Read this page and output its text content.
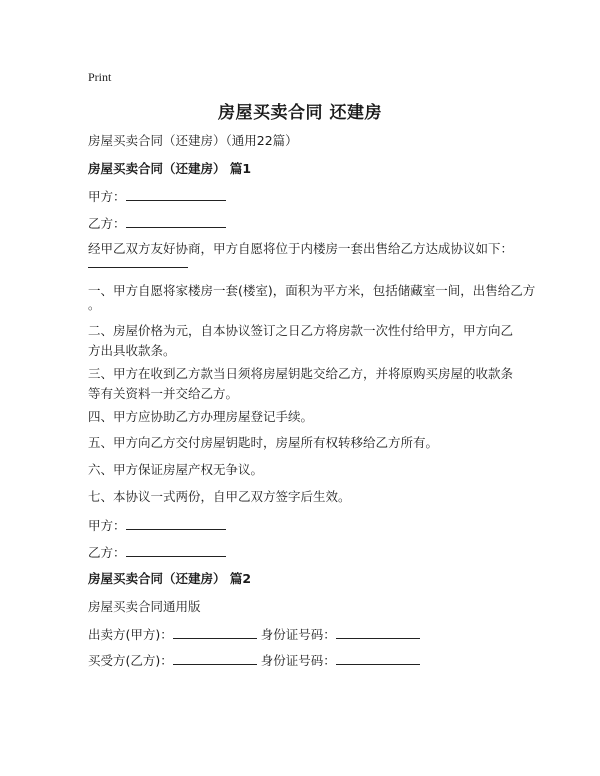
Print
房屋买卖合同 还建房
房屋买卖合同（还建房）（通用22篇）
房屋买卖合同（还建房） 篇1
甲方：
乙方：
经甲乙双方友好协商，甲方自愿将位于内楼房一套出售给乙方达成协议如下：
一、甲方自愿将家楼房一套(楼室)，面积为平方米，包括储藏室一间，出售给乙方
。
二、房屋价格为元，自本协议签订之日乙方将房款一次性付给甲方，甲方向乙方出具收款条。
三、甲方在收到乙方款当日须将房屋钥匙交给乙方，并将原购买房屋的收款条等有关资料一并交给乙方。
四、甲方应协助乙方办理房屋登记手续。
五、甲方向乙方交付房屋钥匙时，房屋所有权转移给乙方所有。
六、甲方保证房屋产权无争议。
七、本协议一式两份，自甲乙双方签字后生效。
甲方：
乙方：
房屋买卖合同（还建房） 篇2
房屋买卖合同通用版
出卖方(甲方)：	身份证号码：
买受方(乙方)：	身份证号码：
